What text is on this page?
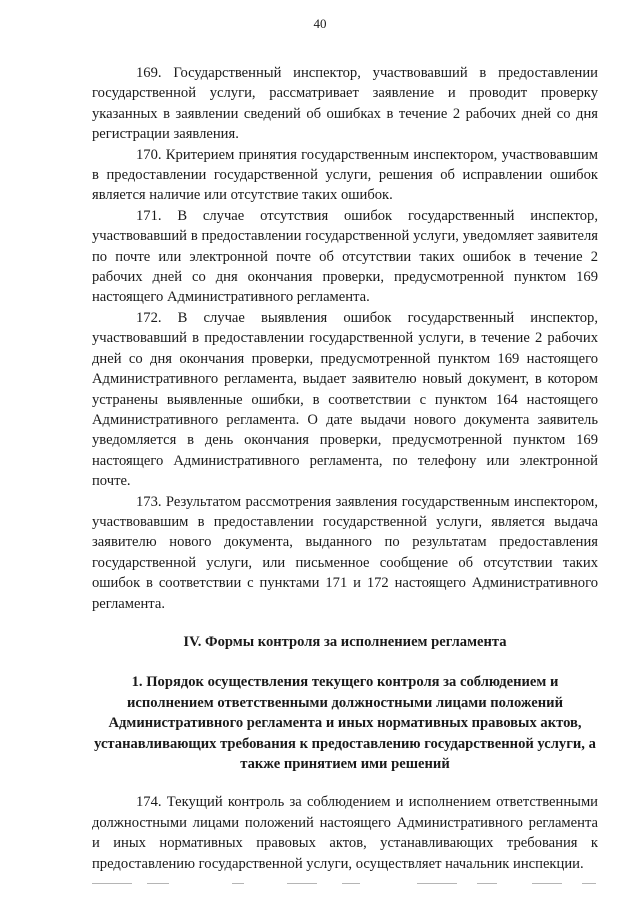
40

169. Государственный инспектор, участвовавший в предоставлении государственной услуги, рассматривает заявление и проводит проверку указанных в заявлении сведений об ошибках в течение 2 рабочих дней со дня регистрации заявления.

170. Критерием принятия государственным инспектором, участвовавшим в предоставлении государственной услуги, решения об исправлении ошибок является наличие или отсутствие таких ошибок.

171. В случае отсутствия ошибок государственный инспектор, участвовавший в предоставлении государственной услуги, уведомляет заявителя по почте или электронной почте об отсутствии таких ошибок в течение 2 рабочих дней со дня окончания проверки, предусмотренной пунктом 169 настоящего Административного регламента.

172. В случае выявления ошибок государственный инспектор, участвовавший в предоставлении государственной услуги, в течение 2 рабочих дней со дня окончания проверки, предусмотренной пунктом 169 настоящего Административного регламента, выдает заявителю новый документ, в котором устранены выявленные ошибки, в соответствии с пунктом 164 настоящего Административного регламента. О дате выдачи нового документа заявитель уведомляется в день окончания проверки, предусмотренной пунктом 169 настоящего Административного регламента, по телефону или электронной почте.

173. Результатом рассмотрения заявления государственным инспектором, участвовавшим в предоставлении государственной услуги, является выдача заявителю нового документа, выданного по результатам предоставления государственной услуги, или письменное сообщение об отсутствии таких ошибок в соответствии с пунктами 171 и 172 настоящего Административного регламента.

IV. Формы контроля за исполнением регламента
1. Порядок осуществления текущего контроля за соблюдением и исполнением ответственными должностными лицами положений Административного регламента и иных нормативных правовых актов, устанавливающих требования к предоставлению государственной услуги, а также принятием ими решений

174. Текущий контроль за соблюдением и исполнением ответственными должностными лицами положений настоящего Административного регламента и иных нормативных правовых актов, устанавливающих требования к предоставлению государственной услуги, осуществляет начальник инспекции.
